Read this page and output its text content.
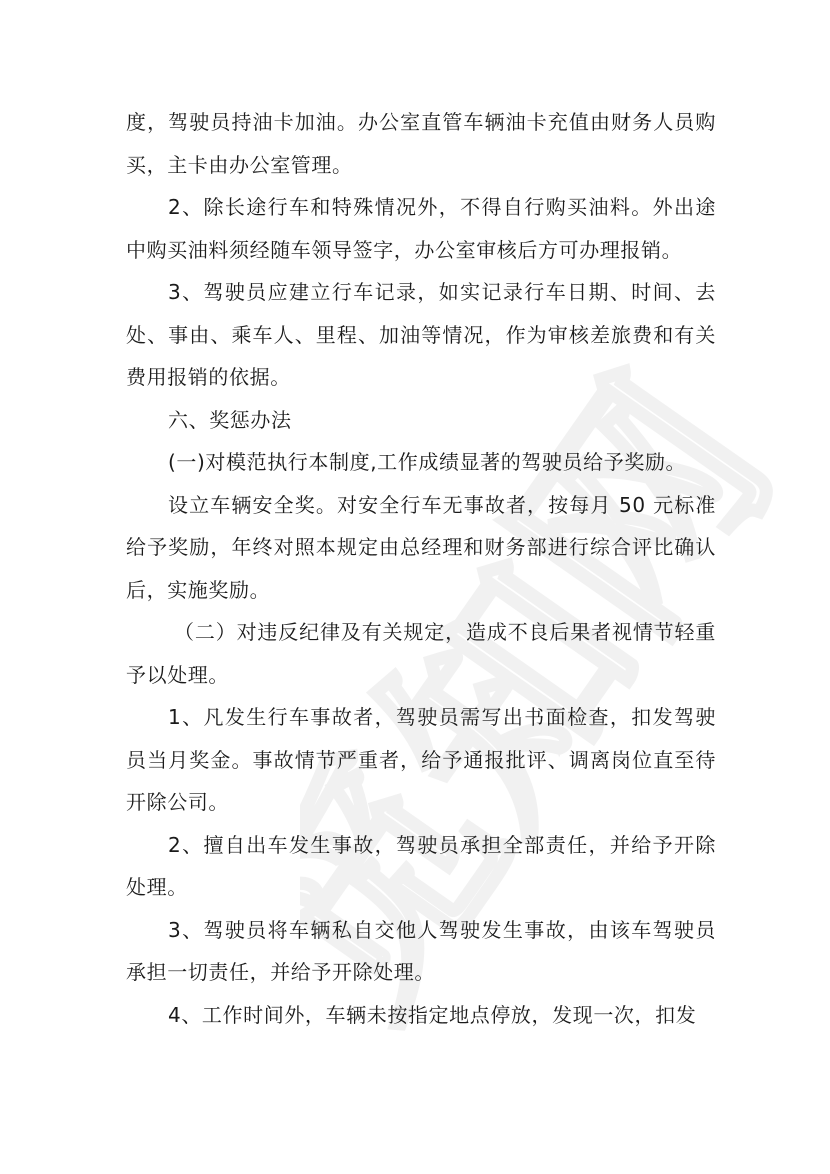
觅知网

度，驾驶员持油卡加油。办公室直管车辆油卡充值由财务人员购买，主卡由办公室管理。

2、除长途行车和特殊情况外，不得自行购买油料。外出途中购买油料须经随车领导签字，办公室审核后方可办理报销。

3、驾驶员应建立行车记录，如实记录行车日期、时间、去处、事由、乘车人、里程、加油等情况，作为审核差旅费和有关费用报销的依据。

六、奖惩办法

(一)对模范执行本制度,工作成绩显著的驾驶员给予奖励。

设立车辆安全奖。对安全行车无事故者，按每月 50 元标准给予奖励，年终对照本规定由总经理和财务部进行综合评比确认后，实施奖励。

（二）对违反纪律及有关规定，造成不良后果者视情节轻重予以处理。

1、凡发生行车事故者，驾驶员需写出书面检查，扣发驾驶员当月奖金。事故情节严重者，给予通报批评、调离岗位直至待开除公司。

2、擅自出车发生事故，驾驶员承担全部责任，并给予开除处理。

3、驾驶员将车辆私自交他人驾驶发生事故，由该车驾驶员承担一切责任，并给予开除处理。

4、工作时间外，车辆未按指定地点停放，发现一次，扣发
